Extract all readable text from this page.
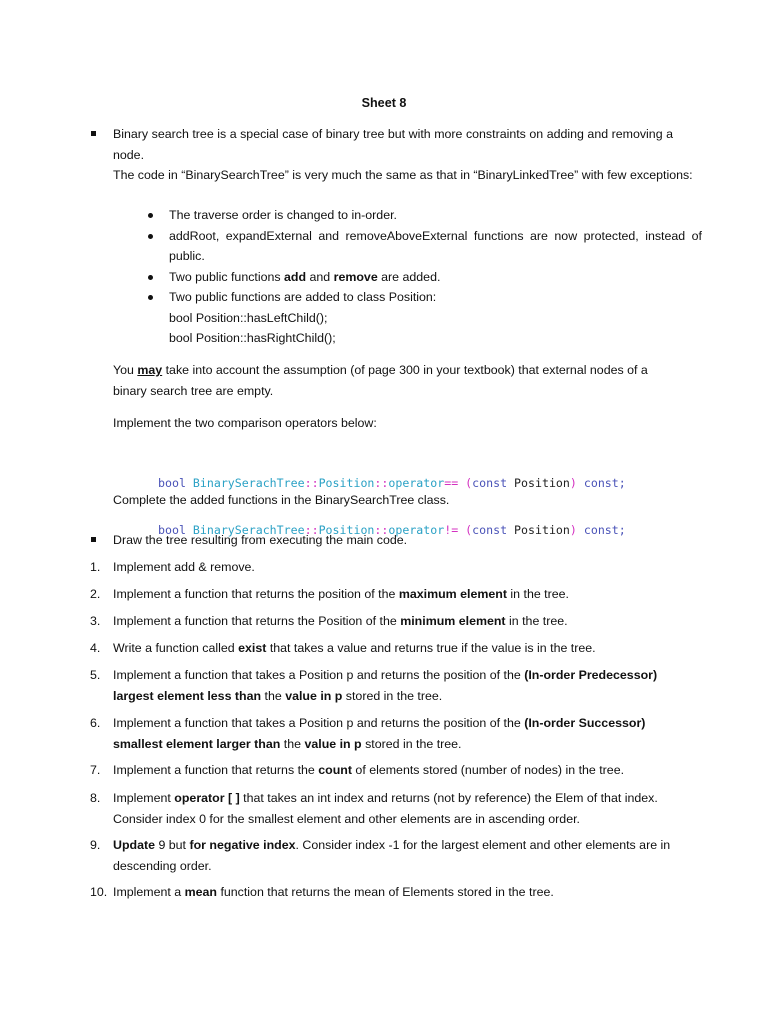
Sheet 8
Binary search tree is a special case of binary tree but with more constraints on adding and removing a node.
The code in “BinarySearchTree” is very much the same as that in “BinaryLinkedTree” with few exceptions:
The traverse order is changed to in-order.
addRoot, expandExternal and removeAboveExternal functions are now protected, instead of public.
Two public functions add and remove are added.
Two public functions are added to class Position:
bool Position::hasLeftChild();
bool Position::hasRightChild();
You may take into account the assumption (of page 300 in your textbook) that external nodes of a binary search tree are empty.
Implement the two comparison operators below:

bool BinarySerachTree::Position::operator== (const Position) const;

bool BinarySerachTree::Position::operator!= (const Position) const;

Complete the added functions in the BinarySearchTree class.
Draw the tree resulting from executing the main code.
1.	Implement add & remove.
2.	Implement a function that returns the position of the maximum element in the tree.
3.	Implement a function that returns the Position of the minimum element in the tree.
4.	Write a function called exist that takes a value and returns true if the value is in the tree.
5.	Implement a function that takes a Position p and returns the position of the (In-order Predecessor) largest element less than the value in p stored in the tree.
6.	Implement a function that takes a Position p and returns the position of the (In-order Successor) smallest element larger than the value in p stored in the tree.
7.	Implement a function that returns the count of elements stored (number of nodes) in the tree.
8.	Implement operator [ ] that takes an int index and returns (not by reference) the Elem of that index. Consider index 0 for the smallest element and other elements are in ascending order.
9.	Update 9 but for negative index. Consider index -1 for the largest element and other elements are in descending order.
10. Implement a mean function that returns the mean of Elements stored in the tree.
